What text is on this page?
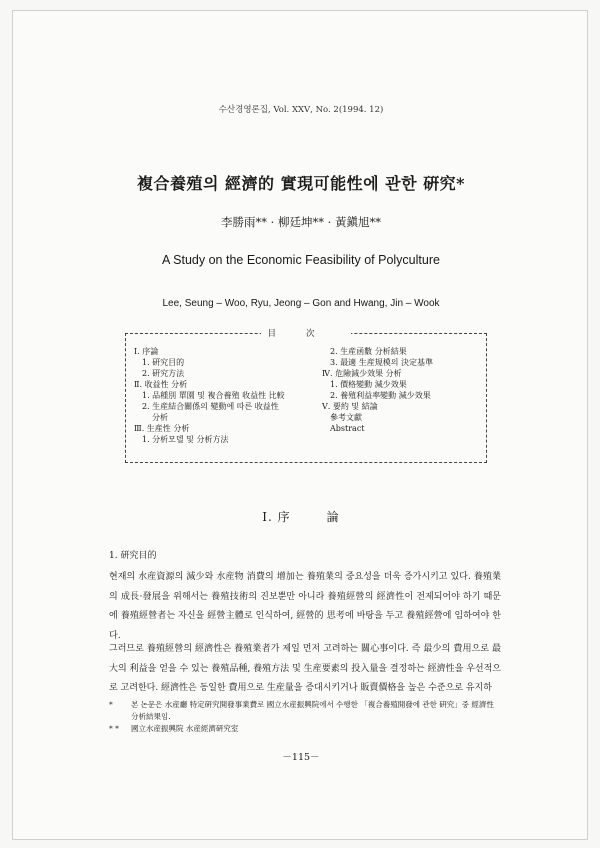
수산경영론집, Vol. ⅩⅩⅤ, No. 2(1994. 12)
複合養殖의 經濟的 實現可能性에 관한 硏究*
李勝雨** · 柳廷坤** · 黃鎭旭**
A Study on the Economic Feasibility of Polyculture
Lee, Seung – Woo, Ryu, Jeong – Gon and Hwang, Jin – Wook
目次
Ⅰ. 序論
1. 硏究目的
2. 硏究方法
Ⅱ. 收益性 分析
1. 品種別 單園 및 複合養殖 收益性 比較
2. 生産結合關係의 變動에 따른 收益性
分析
Ⅲ. 生産性 分析
1. 分析모델 및 分析方法
2. 生産函數 分析結果
3. 最適 生産規模의 決定基準
Ⅳ. 危險減少效果 分析
1. 價格變動 減少效果
2. 養殖利益率變動 減少效果
Ⅴ. 要約 및 結論
參考文獻
Abstract
Ⅰ. 序	論
1. 硏究目的
현재의 水産資源의 減少와 水産物 消費의 增加는 養殖業의 중요성을 더욱 증가시키고 있다. 養殖業의 成長·發展을 위해서는 養殖技術의 진보뿐만 아니라 養殖經營의 經濟性이 전제되어야 하기 때문에 養殖經營者는 자신을 經營主體로 인식하여, 經營的 思考에 바탕을 두고 養殖經營에 임하여야 한다.
그러므로 養殖經營의 經濟性은 養殖業者가 제일 먼저 고려하는 關心事이다. 즉 最少의 費用으로 最大의 利益을 얻을 수 있는 養殖品種, 養殖方法 및 生産要素의 投入量을 결정하는 經濟性을 우선적으로 고려한다. 經濟性은 동일한 費用으로 生産量을 증대시키거나 販賣價格을 높은 수준으로 유지하
* 본 논문은 水産廳 特定硏究開發事業費로 國立水産振興院에서 수행한 「複合養殖開發에 관한 硏究」중 經濟性
分析結果임.
* * 國立水産振興院 水産經濟硏究室
－115－
